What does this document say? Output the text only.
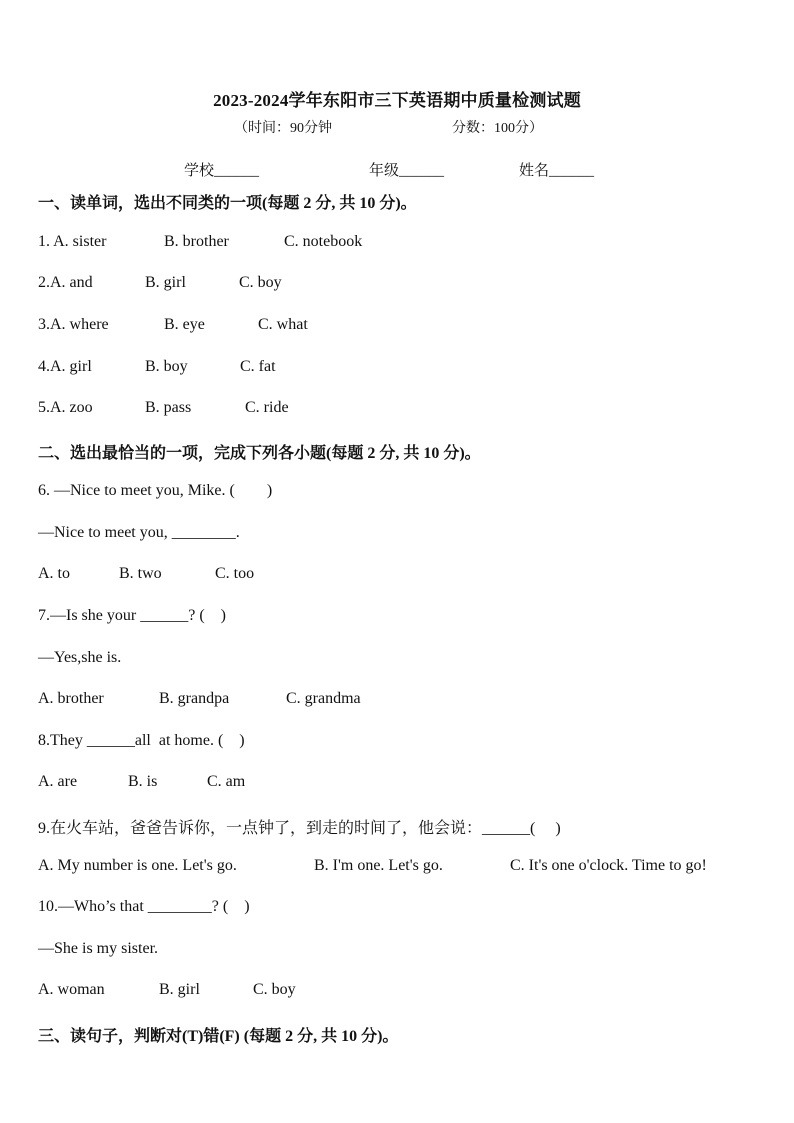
2023-2024学年东阳市三下英语期中质量检测试题
（时间：90分钟	分数：100分）
学校______	年级______	姓名______
一、读单词，选出不同类的一项(每题 2 分, 共 10 分)。
1. A. sister	B. brother	C. notebook
2.A. and	B. girl	C. boy
3.A. where	B. eye	C. what
4.A. girl	B. boy	C. fat
5.A. zoo	B. pass	C. ride
二、选出最恰当的一项，完成下列各小题(每题 2 分, 共 10 分)。
6. —Nice to meet you, Mike. (        )
—Nice to meet you, ________.
A. to	B. two	C. too
7.—Is she your ______? (    )
—Yes,she is.
A. brother	B. grandpa	C. grandma
8.They ______all  at home. (    )
A. are	B. is	C. am
9.在火车站，爸爸告诉你，一点钟了，到走的时间了，他会说：______(     )
A. My number is one. Let's go.	B. I'm one. Let's go.	C. It's one o'clock. Time to go!
10.—Who’s that ________? (    )
—She is my sister.
A. woman	B. girl	C. boy
三、读句子，判断对(T)错(F) (每题 2 分, 共 10 分)。
